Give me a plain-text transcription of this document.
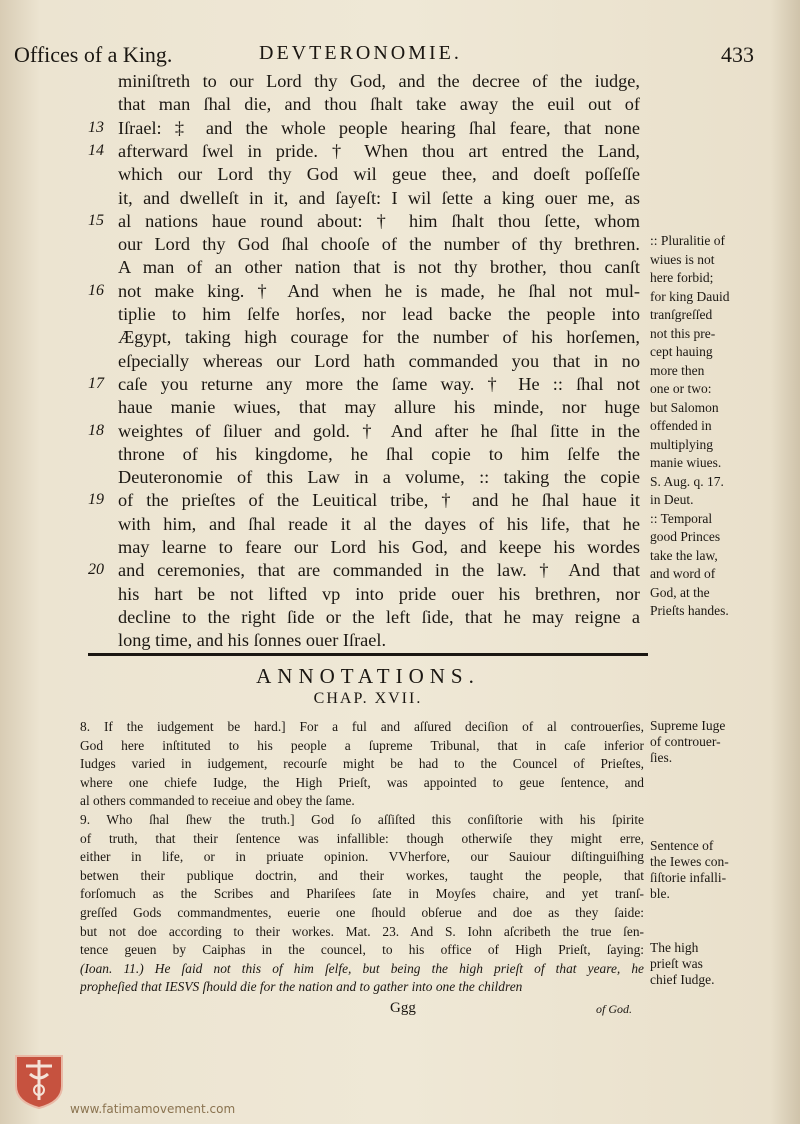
Offices of a King.	DEVTERONOMIE.	433
miniſtreth to our Lord thy God, and the decree of the iudge,
that man ſhal die, and thou ſhalt take away the euil out of
Iſrael: ‡ and the whole people hearing ſhal feare, that none
13
afterward ſwel in pride. † When thou art entred the Land,
14
which our Lord thy God wil geue thee, and doeſt poſſeſſe
it, and dwelleſt in it, and ſayeſt: I wil ſette a king ouer me, as
al nations haue round about: † him ſhalt thou ſette, whom
15
our Lord thy God ſhal chooſe of the number of thy brethren.
A man of an other nation that is not thy brother, thou canſt
not make king. † And when he is made, he ſhal not mul-
16
tiplie to him ſelfe horſes, nor lead backe the people into
Ægypt, taking high courage for the number of his horſemen,
eſpecially whereas our Lord hath commanded you that in no
caſe you returne any more the ſame way. † He :: ſhal not
17
haue manie wiues, that may allure his minde, nor huge
weightes of ſiluer and gold. † And after he ſhal ſitte in the
18
throne of his kingdome, he ſhal copie to him ſelfe the
Deuteronomie of this Law in a volume, :: taking the copie
of the prieſtes of the Leuitical tribe, † and he ſhal haue it
19
with him, and ſhal reade it al the dayes of his life, that he
may learne to feare our Lord his God, and keepe his wordes
and ceremonies, that are commanded in the law. † And that
20
his hart be not lifted vp into pride ouer his brethren, nor
decline to the right ſide or the left ſide, that he may reigne a
long time, and his ſonnes ouer Iſrael.
:: Pluralitie of
wiues is not
here forbid;
for king Dauid
tranſgreſſed
not this pre-
cept hauing
more then
one or two:
but Salomon
offended in
multiplying
manie wiues.
S. Aug. q. 17.
in Deut.
:: Temporal
good Princes
take the law,
and word of
God, at the
Prieſts handes.
ANNOTATIONS.
CHAP. XVII.
8. If the iudgement be hard.] For a ful and aſſured deciſion of al controuerſies,
God here inſtituted to his people a ſupreme Tribunal, that in caſe inferior
Iudges varied in iudgement, recourſe might be had to the Councel of Prieſtes,
where one chiefe Iudge, the High Prieſt, was appointed to geue ſentence, and
al others commanded to receiue and obey the ſame.
9. Who ſhal ſhew the truth.] God ſo aſſiſted this conſiſtorie with his ſpirite
of truth, that their ſentence was infallible: though otherwiſe they might erre,
either in life, or in priuate opinion. VVherfore, our Sauiour diſtinguiſhing
betwen their publique doctrin, and their workes, taught the people, that
forſomuch as the Scribes and Phariſees ſate in Moyſes chaire, and yet tranſ-
greſſed Gods commandmentes, euerie one ſhould obſerue and doe as they ſaide:
but not doe according to their workes. Mat. 23. And S. Iohn aſcribeth the true ſen-
tence geuen by Caiphas in the councel, to his office of High Prieſt, ſaying:
(Ioan. 11.) He ſaid not this of him ſelfe, but being the high prieſt of that yeare, he
propheſied that IESVS ſhould die for the nation and to gather into one the children
Supreme Iuge
of controuer-
ſies.
Sentence of
the Iewes con-
ſiſtorie infalli-
ble.
The high
prieſt was
chief Iudge.
Ggg	of God.
www.fatimamovement.com
